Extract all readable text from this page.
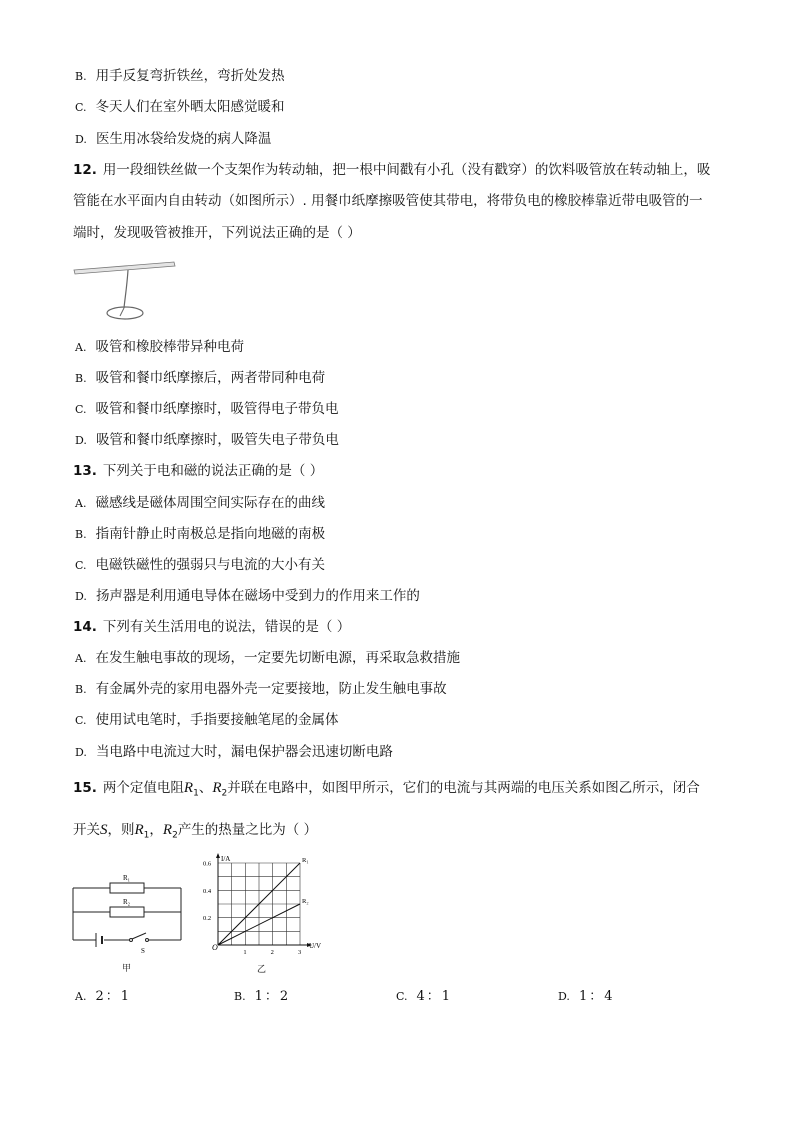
B. 用手反复弯折铁丝，弯折处发热
C. 冬天人们在室外晒太阳感觉暖和
D. 医生用冰袋给发烧的病人降温
12. 用一段细铁丝做一个支架作为转动轴，把一根中间戳有小孔（没有戳穿）的饮料吸管放在转动轴上，吸
管能在水平面内自由转动（如图所示）. 用餐巾纸摩擦吸管使其带电，将带负电的橡胶棒靠近带电吸管的一
端时，发现吸管被推开，下列说法正确的是（ ）
A. 吸管和橡胶棒带异种电荷
B. 吸管和餐巾纸摩擦后，两者带同种电荷
C. 吸管和餐巾纸摩擦时，吸管得电子带负电
D. 吸管和餐巾纸摩擦时，吸管失电子带负电
13. 下列关于电和磁的说法正确的是（ ）
A. 磁感线是磁体周围空间实际存在的曲线
B. 指南针静止时南极总是指向地磁的南极
C. 电磁铁磁性的强弱只与电流的大小有关
D. 扬声器是利用通电导体在磁场中受到力的作用来工作的
14. 下列有关生活用电的说法，错误的是（ ）
A. 在发生触电事故的现场，一定要先切断电源，再采取急救措施
B. 有金属外壳的家用电器外壳一定要接地，防止发生触电事故
C. 使用试电笔时，手指要接触笔尾的金属体
D. 当电路中电流过大时，漏电保护器会迅速切断电路
15. 两个定值电阻$R_1$、$R_2$并联在电路中，如图甲所示，它们的电流与其两端的电压关系如图乙所示，闭合
开关S，则$R_1$，$R_2$产生的热量之比为（ ）
R₁
R₂
S
甲
R₁
R₂
I/A
U/V
O
0.6
0.4
0.2
1	2	3
乙
A. 2：1	B. 1：2	C. 4：1	D. 1：4
